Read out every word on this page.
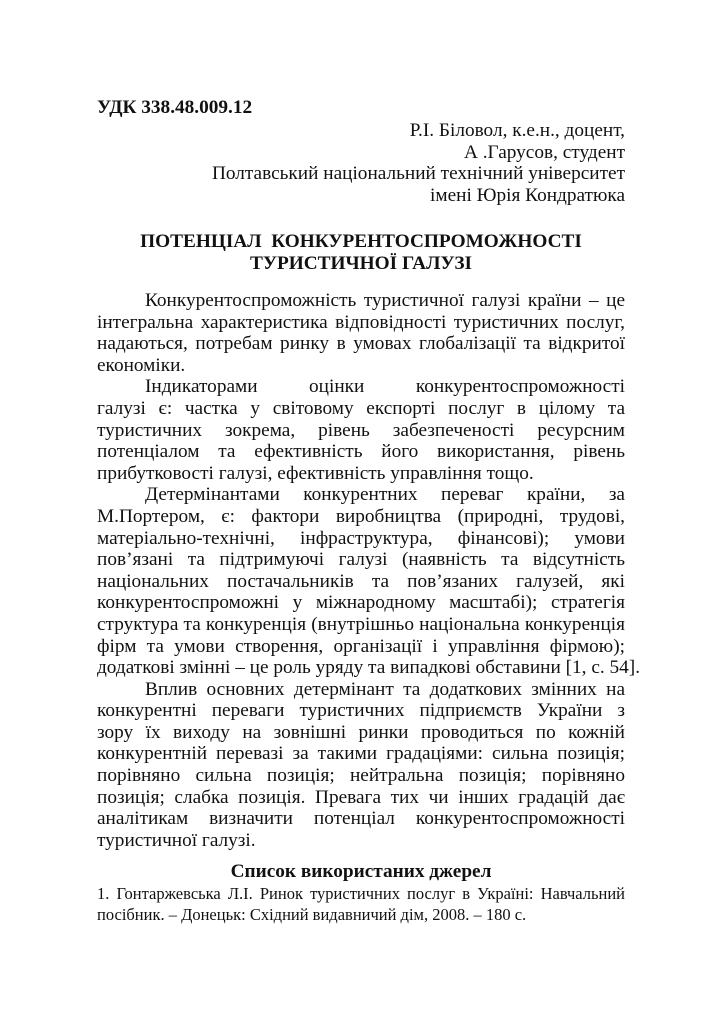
УДК 338.48.009.12
Р.І. Біловол, к.е.н., доцент,
А .Гарусов, студент
Полтавський національний технічний університет
імені Юрія Кондратюка
ПОТЕНЦІАЛ  КОНКУРЕНТОСПРОМОЖНОСТІ
ТУРИСТИЧНОЇ ГАЛУЗІ
Конкурентоспроможність туристичної галузі країни – це
інтегральна характеристика відповідності туристичних послуг,
надаються, потребам ринку в умовах глобалізації та відкритої
економіки.
Індикаторами оцінки конкурентоспроможності
галузі є: частка у світовому експорті послуг в цілому та
туристичних зокрема, рівень забезпеченості ресурсним
потенціалом та ефективність його використання, рівень
прибутковості галузі, ефективність управління тощо.
Детермінантами конкурентних переваг країни, за
М.Портером, є: фактори виробництва (природні, трудові,
матеріально-технічні, інфраструктура, фінансові); умови
пов’язані та підтримуючі галузі (наявність та відсутність
національних постачальників та пов’язаних галузей, які
конкурентоспроможні у міжнародному масштабі); стратегія
структура та конкуренція (внутрішньо національна конкуренція
фірм та умови створення, організації і управління фірмою);
додаткові змінні – це роль уряду та випадкові обставини [1, с. 54].
Вплив основних детермінант та додаткових змінних на
конкурентні переваги туристичних підприємств України з
зору їх виходу на зовнішні ринки проводиться по кожній
конкурентній перевазі за такими градаціями: сильна позиція;
порівняно сильна позиція; нейтральна позиція; порівняно
позиція; слабка позиція. Превага тих чи інших градацій дає
аналітикам визначити потенціал конкурентоспроможності
туристичної галузі.
Список використаних джерел
1. Гонтаржевська Л.І. Ринок туристичних послуг в Україні: Навчальний
посібник. – Донецьк: Східний видавничий дім, 2008. – 180 с.
